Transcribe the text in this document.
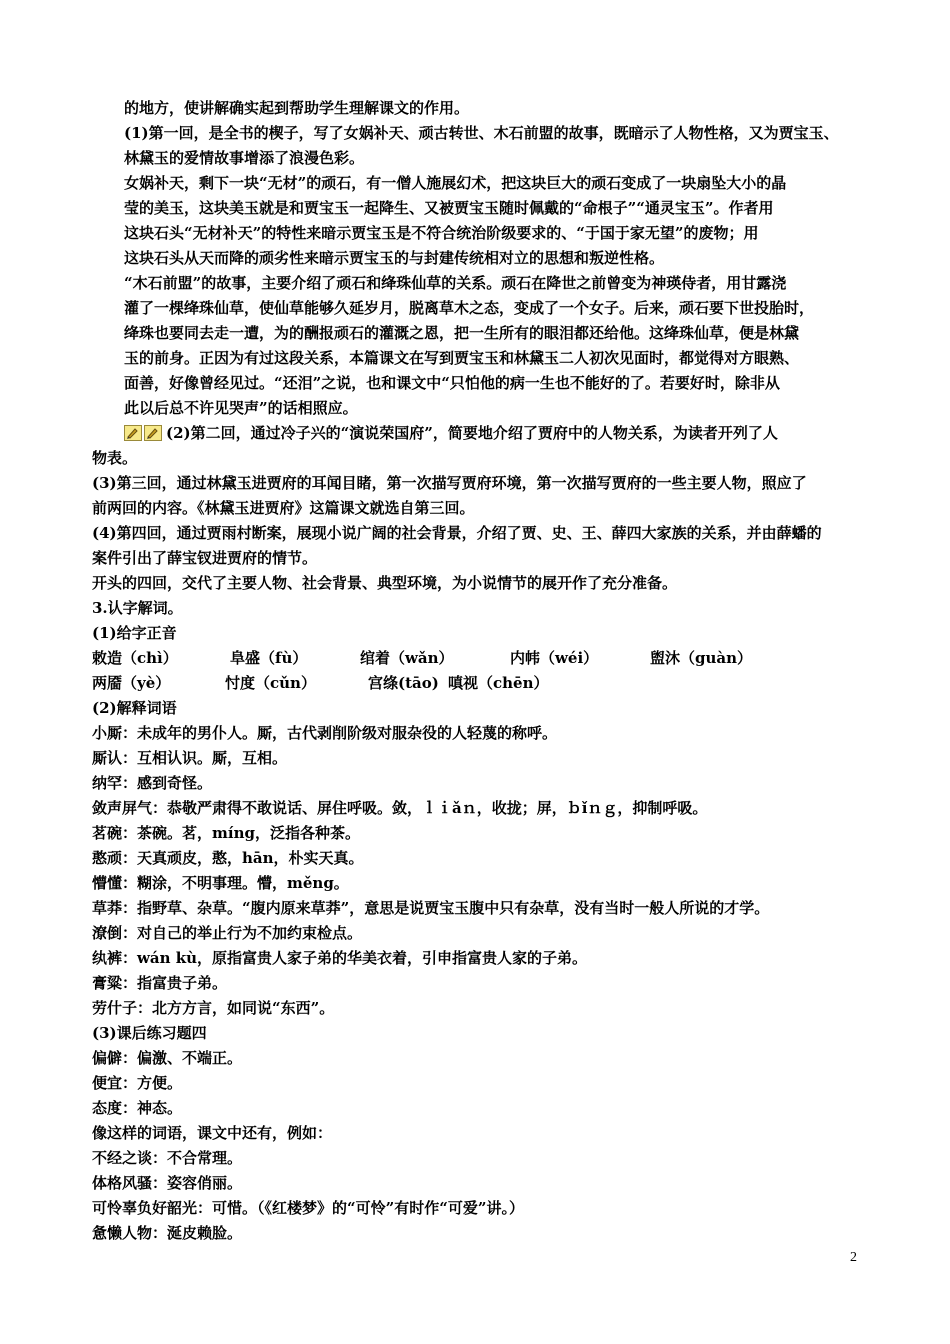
的地方，使讲解确实起到帮助学生理解课文的作用。
(1)第一回，是全书的楔子，写了女娲补天、顽古转世、木石前盟的故事，既暗示了人物性格，又为贾宝玉、
林黛玉的爱情故事增添了浪漫色彩。
女娲补天，剩下一块“无材”的顽石，有一僧人施展幻术，把这块巨大的顽石变成了一块扇坠大小的晶
莹的美玉，这块美玉就是和贾宝玉一起降生、又被贾宝玉随时佩戴的“命根子”“通灵宝玉”。作者用
这块石头“无材补天”的特性来暗示贾宝玉是不符合统治阶级要求的、“于国于家无望”的废物；用
这块石头从天而降的顽劣性来暗示贾宝玉的与封建传统相对立的思想和叛逆性格。
“木石前盟”的故事，主要介绍了顽石和绛珠仙草的关系。顽石在降世之前曾变为神瑛侍者，用甘露浇
灌了一棵绛珠仙草，使仙草能够久延岁月，脱离草木之态，变成了一个女子。后来，顽石要下世投胎时，
绛珠也要同去走一遭，为的酬报顽石的灌溉之恩，把一生所有的眼泪都还给他。这绛珠仙草，便是林黛
玉的前身。正因为有过这段关系，本篇课文在写到贾宝玉和林黛玉二人初次见面时，都觉得对方眼熟、
面善，好像曾经见过。“还泪”之说，也和课文中“只怕他的病一生也不能好的了。若要好时，除非从
此以后总不许见哭声”的话相照应。
(2)第二回，通过冷子兴的“演说荣国府”，简要地介绍了贾府中的人物关系，为读者开列了人
物表。
(3)第三回，通过林黛玉进贾府的耳闻目睹，第一次描写贾府环境，第一次描写贾府的一些主要人物，照应了
前两回的内容。《林黛玉进贾府》这篇课文就选自第三回。
(4)第四回，通过贾雨村断案，展现小说广阔的社会背景，介绍了贾、史、王、薛四大家族的关系，并由薛蟠的
案件引出了薛宝钗进贾府的情节。
开头的四回，交代了主要人物、社会背景、典型环境，为小说情节的展开作了充分准备。
3.认字解词。
(1)给字正音
敕造（chì）	阜盛（fù）	绾着（wǎn）	内帏（wéi）	盥沐（guàn）
两靥（yè）	忖度（cǔn）	宫绦(tāo) 嗔视（chēn）
(2)解释词语
小厮：未成年的男仆人。厮，古代剥削阶级对服杂役的人轻蔑的称呼。
厮认：互相认识。厮，互相。
纳罕：感到奇怪。
敛声屏气：恭敬严肃得不敢说话、屏住呼吸。敛，ｌｉǎｎ，收拢；屏，ｂǐｎｇ，抑制呼吸。
茗碗：茶碗。茗，míng，泛指各种茶。
憨顽：天真顽皮，憨，hān，朴实天真。
懵懂：糊涂，不明事理。懵，měng。
草莽：指野草、杂草。“腹内原来草莽”，意思是说贾宝玉腹中只有杂草，没有当时一般人所说的才学。
潦倒：对自己的举止行为不加约束检点。
纨裤：wán kù，原指富贵人家子弟的华美衣着，引申指富贵人家的子弟。
膏粱：指富贵子弟。
劳什子：北方方言，如同说“东西”。
(3)课后练习题四
偏僻：偏激、不端正。
便宜：方便。
态度：神态。
像这样的词语，课文中还有，例如：
不经之谈：不合常理。
体格风骚：姿容俏丽。
可怜辜负好韶光：可惜。（《红楼梦》的“可怜”有时作“可爱”讲。）
惫懒人物：涎皮赖脸。
2
